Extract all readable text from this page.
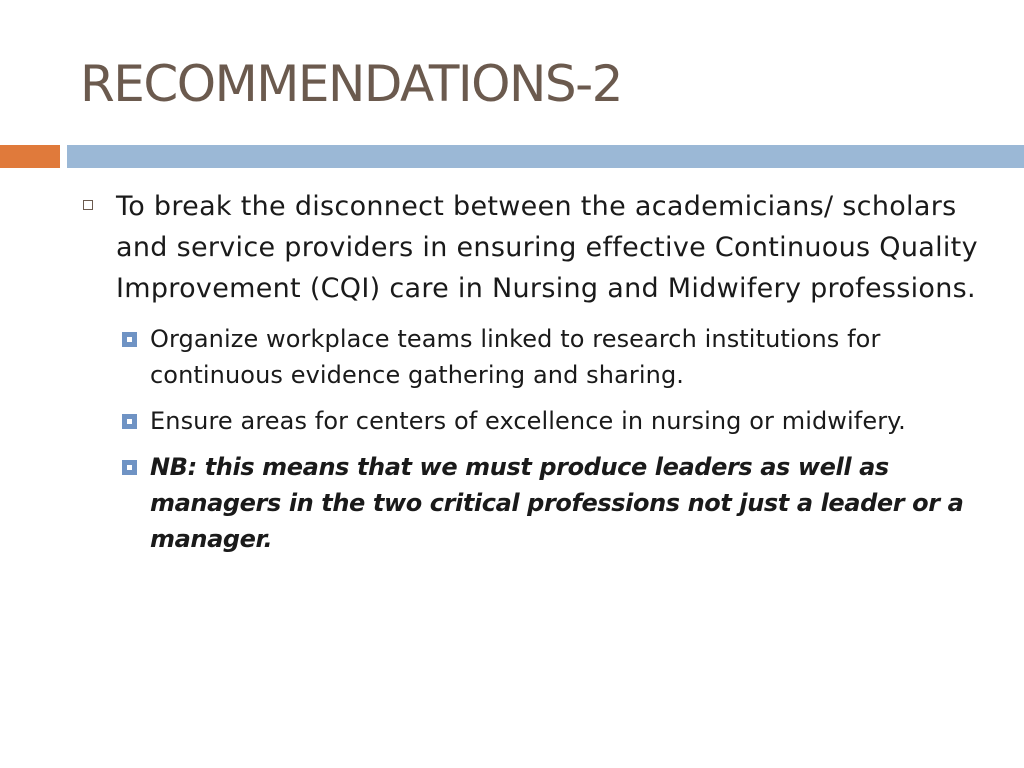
RECOMMENDATIONS-2
To break the disconnect between the academicians/ scholars and service providers in ensuring effective Continuous Quality Improvement (CQI) care in Nursing and Midwifery professions.
Organize workplace teams linked to research institutions for continuous evidence gathering and sharing.
Ensure areas for centers of excellence in nursing or midwifery.
NB: this means that we must produce leaders as well as managers in the two critical professions not just a leader or a manager.
